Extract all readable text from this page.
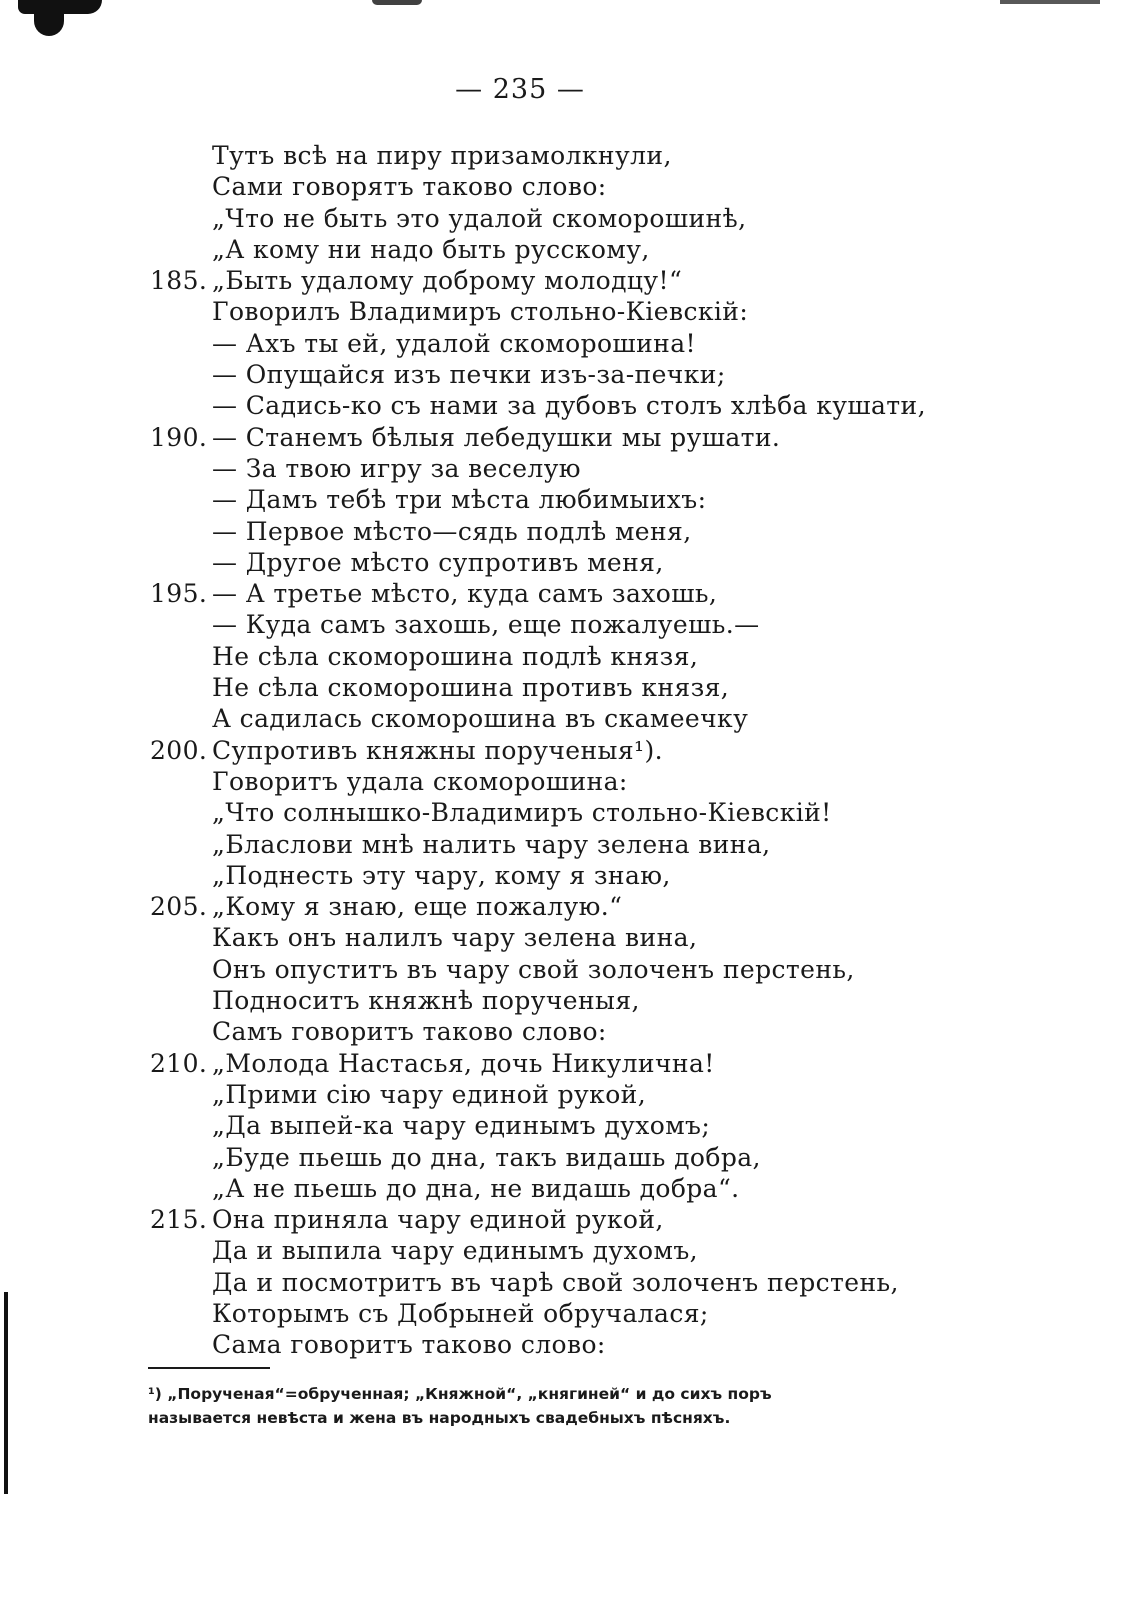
— 235 —
Тутъ всѣ на пиру призамолкнули,
Сами говорятъ таково слово:
„Что не быть это удалой скоморошинѣ,
„А кому ни надо быть русскому,
185. „Быть удалому доброму молодцу!“
Говорилъ Владимиръ стольно-Кіевскій:
— Ахъ ты ей, удалой скоморошина!
— Опущайся изъ печки изъ-за-печки;
— Садись-ко съ нами за дубовъ столъ хлѣба кушати,
190. — Станемъ бѣлыя лебедушки мы рушати.
— За твою игру за веселую
— Дамъ тебѣ три мѣста любимыихъ:
— Первое мѣсто—сядь подлѣ меня,
— Другое мѣсто супротивъ меня,
195. — А третье мѣсто, куда самъ захошь,
— Куда самъ захошь, еще пожалуешь.—
Не сѣла скоморошина подлѣ князя,
Не сѣла скоморошина противъ князя,
А садилась скоморошина въ скамеечку
200. Супротивъ княжны порученыя¹).
Говоритъ удала скоморошина:
„Что солнышко-Владимиръ стольно-Кіевскій!
„Бласлови мнѣ налить чару зелена вина,
„Поднесть эту чару, кому я знаю,
205. „Кому я знаю, еще пожалую.“
Какъ онъ налилъ чару зелена вина,
Онъ опуститъ въ чару свой золоченъ перстень,
Подноситъ княжнѣ порученыя,
Самъ говоритъ таково слово:
210. „Молода Настасья, дочь Никулична!
„Прими сію чару единой рукой,
„Да выпей-ка чару единымъ духомъ;
„Буде пьешь до дна, такъ видашь добра,
„А не пьешь до дна, не видашь добра“.
215. Она приняла чару единой рукой,
Да и выпила чару единымъ духомъ,
Да и посмотритъ въ чарѣ свой золоченъ перстень,
Которымъ съ Добрыней обручалася;
Сама говоритъ таково слово:
¹) „Порученая“=обрученная; „Княжной“, „княгиней“ и до сихъ поръ
называется невѣста и жена въ народныхъ свадебныхъ пѣсняхъ.
